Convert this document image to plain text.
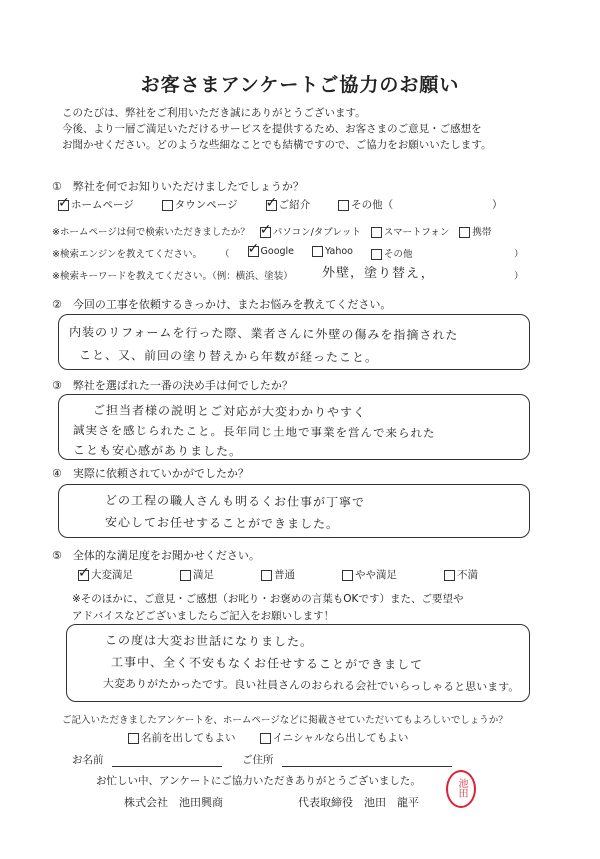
お客さまアンケートご協力のお願い
このたびは、弊社をご利用いただき誠にありがとうございます。
今後、より一層ご満足いただけるサービスを提供するため、お客さまのご意見・ご感想を
お聞かせください。どのような些細なことでも結構ですので、ご協力をお願いいたします。
①　弊社を何でお知りいただけましたでしょうか？
✓ ホームページ	タウンページ ✓ ご紹介	その他（	）
※ホームページは何で検索いただきましたか？ ✓ パソコン/タブレット	スマートフォン	携帯
※検索エンジンを教えてください。 （ ✓ Google	Yahoo	その他	）
※検索キーワードを教えてください。（例：横浜、塗装） 外壁，塗り替え，	）
②　今回の工事を依頼するきっかけ、またお悩みを教えてください。
内装のリフォームを行った際、業者さんに外壁の傷みを指摘された
こと、又、前回の塗り替えから年数が経ったこと。
③　弊社を選ばれた一番の決め手は何でしたか？
ご担当者様の説明とご対応が大変わかりやすく
誠実さを感じられたこと。長年同じ土地で事業を営んで来られた
ことも安心感がありました。
④　実際に依頼されていかがでしたか？
どの工程の職人さんも明るくお仕事が丁寧で
安心してお任せすることができました。
⑤　全体的な満足度をお聞かせください。
✓ 大変満足	満足	普通	やや満足	不満
※そのほかに、ご意見・ご感想（お叱り・お褒めの言葉もOKです）また、ご要望や
アドバイスなどございましたらご記入をお願いします！
この度は大変お世話になりました。
工事中、全く不安もなくお任せすることができまして
大変ありがたかったです。良い社員さんのおられる会社でいらっしゃると思います。
ご記入いただきましたアンケートを、ホームページなどに掲載させていただいてもよろしいでしょうか？
名前を出してもよい	イニシャルなら出してもよい
お名前	ご住所
お忙しい中、アンケートにご協力いただきありがとうございました。
株式会社　池田興商	代表取締役　池田　龍平
池田
